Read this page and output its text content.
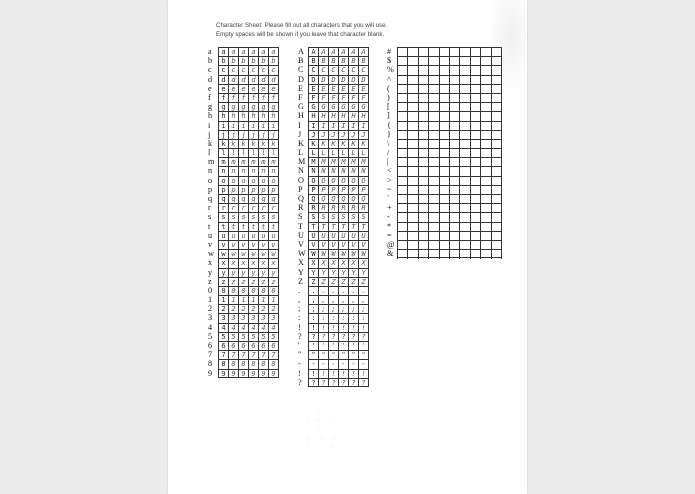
Character Sheet: Please fill out all characters that you will use.
Empty spaces will be shown if you leave that character blank.
a	a a a a a a
b	b b b b b b
c	c c c c c c
d	d d d d d d
e	e e e e e e
f	f f f f f f
g	g g g g g g
h	h h h h h h
i	i i i i i i
j	j j j j j j
k	k k k k k k
l	l l l l l l
m	m m m m m m
n	n n n n n n
o	o o o o o o
p	p p p p p p
q	q q q q q q
r	r r r r r r
s	s s s s s s
t	t t t t t t
u	u u u u u u
v	v v v v v v
w	w w w w w w
x	x x x x x x
y	y y y y y y
z	z z z z z z
0	0 0 0 0 0 0
1	1 1 1 1 1 1
2	2 2 2 2 2 2
3	3 3 3 3 3 3
4	4 4 4 4 4 4
5	5 5 5 5 5 5
6	6 6 6 6 6 6
7	7 7 7 7 7 7
8	8 8 8 8 8 8
9	9 9 9 9 9 9
A	A A A A A A
B	B B B B B B
C	C C C C C C
D	D D D D D D
E	E E E E E E
F	F F F F F F
G	G G G G G G
H	H H H H H H
I	I I I I I I
J	J J J J J J
K	K K K K K K
L	L L L L L L
M M M M M M M
N	N N N N N N
O	O O O O O O
P	P P P P P P
Q	Q Q Q Q Q Q
R	R R R R R R
S	S S S S S S
T	T T T T T T
U	U U U U U U
V	V V V V V V
W W W W W W W
X	X X X X X X
Y	Y Y Y Y Y Y
Z	Z Z Z Z Z Z
.	. . . . . .
,	, , , , , ,
;	; ; ; ; ; ;
:	: : : : : :
!	! ! ! ! ! !
?	? ? ? ? ? ?
'	' ' ' ' ' '
"	" " " " " "
-	- - - - - -
!	! ! ! ! ! !
?	? ? ? ? ? ?
#
$
%
^
(
)
[
]
{
}
\
/
|
<
>
~
`
+
-
*
=
@
&
· ⁘ ·
⁖ · ⁘
· ⁘ ·
⁘ · ⁖
· ⁖ ·
